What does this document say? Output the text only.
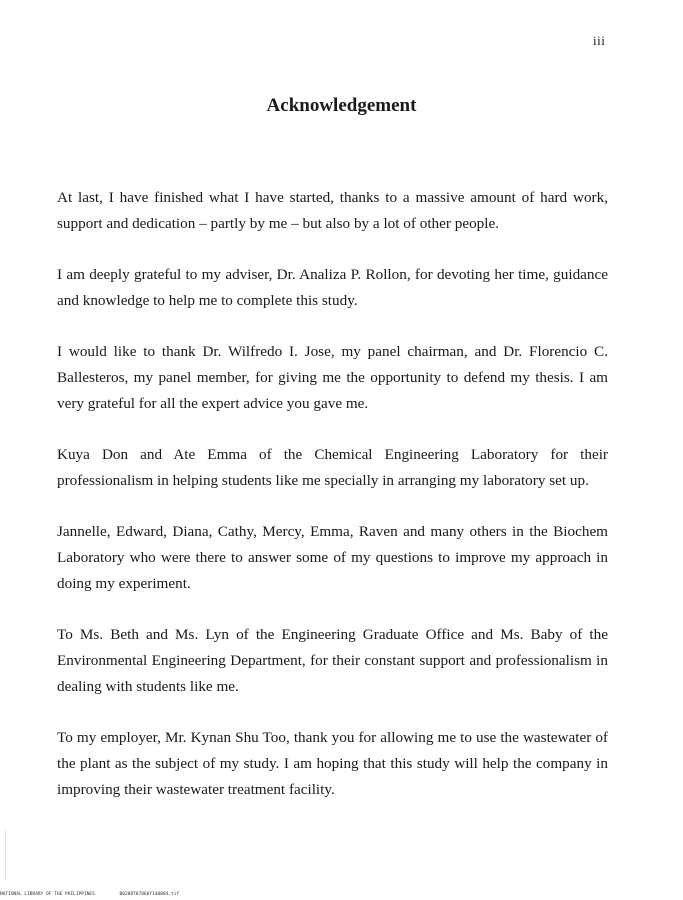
iii
Acknowledgement

At last, I have finished what I have started, thanks to a massive amount of hard work, support and dedication – partly by me – but also by a lot of other people.

I am deeply grateful to my adviser, Dr. Analiza P. Rollon, for devoting her time, guidance and knowledge to help me to complete this study.

I would like to thank Dr. Wilfredo I. Jose, my panel chairman, and Dr. Florencio C. Ballesteros, my panel member, for giving me the opportunity to defend my thesis. I am very grateful for all the expert advice you gave me.

Kuya Don and Ate Emma of the Chemical Engineering Laboratory for their professionalism in helping students like me specially in arranging my laboratory set up.

Jannelle, Edward, Diana, Cathy, Mercy, Emma, Raven and many others in the Biochem Laboratory who were there to answer some of my questions to improve my approach in doing my experiment.

To Ms. Beth and Ms. Lyn of the Engineering Graduate Office and Ms. Baby of the Environmental Engineering Department, for their constant support and professionalism in dealing with students like me.

To my employer, Mr. Kynan Shu Too, thank you for allowing me to use the wastewater of the plant as the subject of my study. I am hoping that this study will help the company in improving their wastewater treatment facility.

NATIONAL LIBRARY OF THE PHILIPPINES	B0208T07860Y140804.tif
